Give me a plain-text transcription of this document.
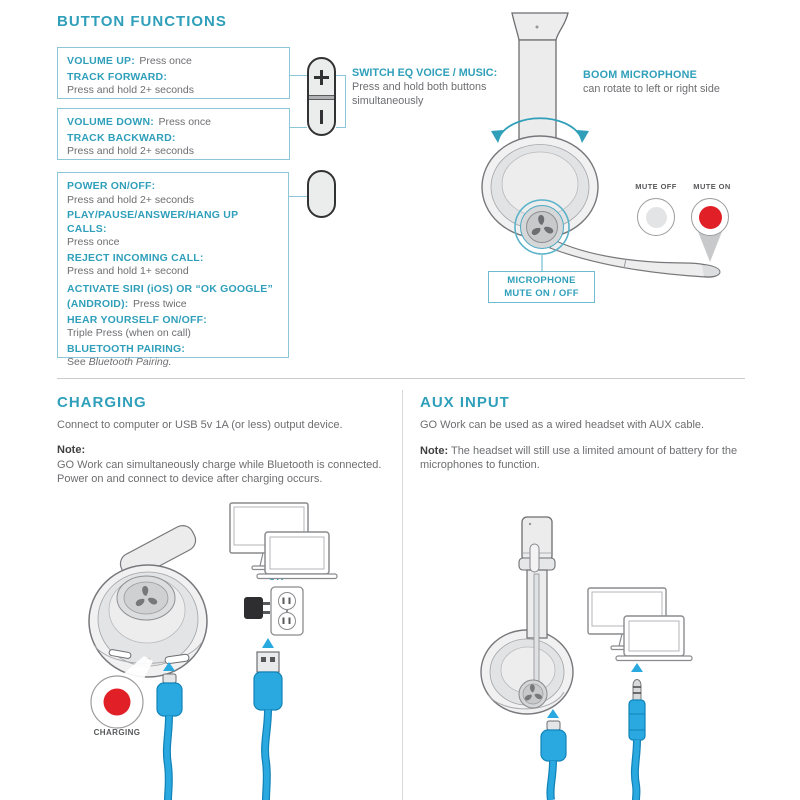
BUTTON FUNCTIONS
VOLUME UP: Press once
TRACK FORWARD:
Press and hold 2+ seconds
VOLUME DOWN: Press once
TRACK BACKWARD:
Press and hold 2+ seconds
POWER ON/OFF:
Press and hold 2+ seconds
PLAY/PAUSE/ANSWER/HANG UP CALLS:
Press once
REJECT INCOMING CALL:
Press and hold 1+ second
ACTIVATE SIRI (iOS) OR “OK GOOGLE” (ANDROID): Press twice
HEAR YOURSELF ON/OFF:
Triple Press (when on call)
BLUETOOTH PAIRING:
See Bluetooth Pairing.
SWITCH EQ VOICE / MUSIC:
Press and hold both buttons
simultaneously
BOOM MICROPHONE
can rotate to left or right side
MUTE OFF	MUTE ON
MICROPHONE
MUTE ON / OFF
CHARGING
Connect to computer or USB 5v 1A (or less) output device.
Note:
GO Work can simultaneously charge while Bluetooth is connected.
Power on and connect to device after charging occurs.
CHARGING
AUX INPUT
GO Work can be used as a wired headset with AUX cable.
Note: The headset will still use a limited amount of battery for the microphones to function.
